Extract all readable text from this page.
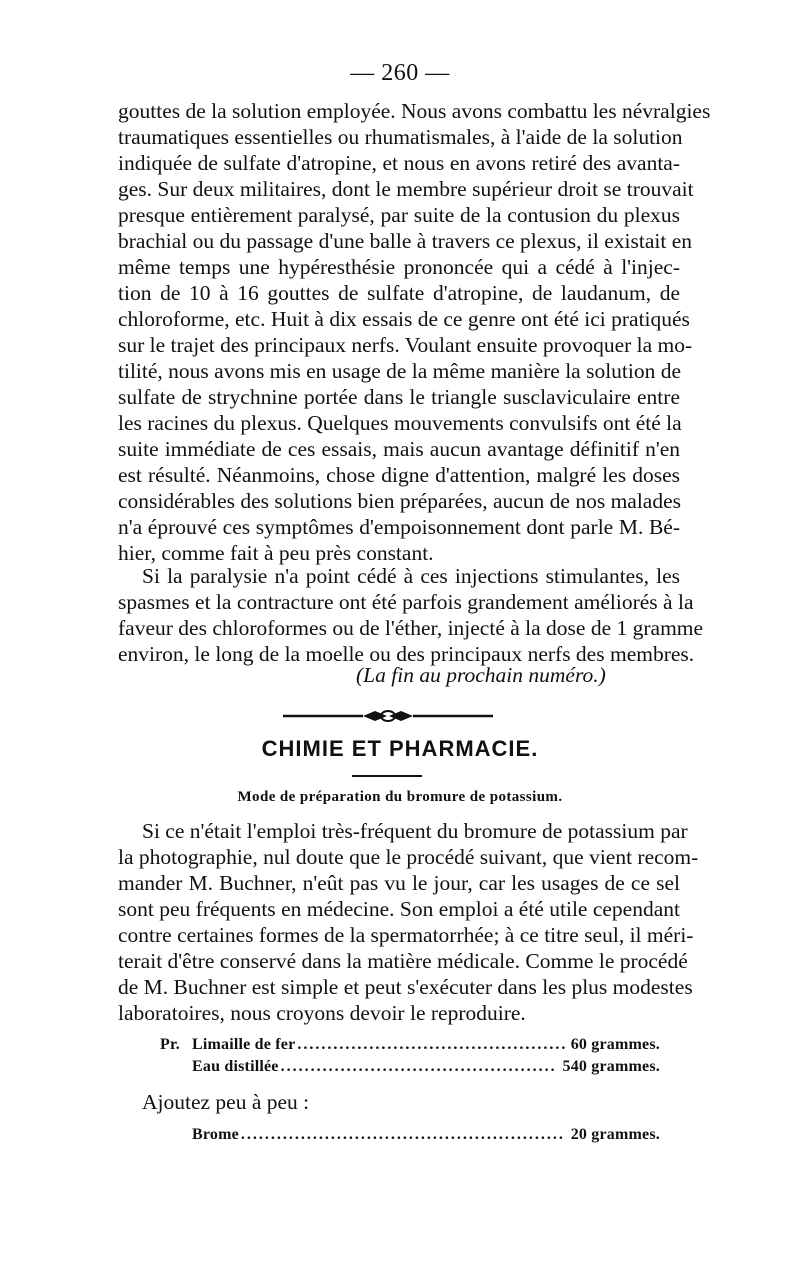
— 260 —
gouttes de la solution employée. Nous avons combattu les névralgies
traumatiques essentielles ou rhumatismales, à l'aide de la solution
indiquée de sulfate d'atropine, et nous en avons retiré des avanta-
ges. Sur deux militaires, dont le membre supérieur droit se trouvait
presque entièrement paralysé, par suite de la contusion du plexus
brachial ou du passage d'une balle à travers ce plexus, il existait en
même temps une hypéresthésie prononcée qui a cédé à l'injec-
tion de 10 à 16 gouttes de sulfate d'atropine, de laudanum, de
chloroforme, etc. Huit à dix essais de ce genre ont été ici pratiqués
sur le trajet des principaux nerfs. Voulant ensuite provoquer la mo-
tilité, nous avons mis en usage de la même manière la solution de
sulfate de strychnine portée dans le triangle susclaviculaire entre
les racines du plexus. Quelques mouvements convulsifs ont été la
suite immédiate de ces essais, mais aucun avantage définitif n'en
est résulté. Néanmoins, chose digne d'attention, malgré les doses
considérables des solutions bien préparées, aucun de nos malades
n'a éprouvé ces symptômes d'empoisonnement dont parle M. Bé-
hier, comme fait à peu près constant.
Si la paralysie n'a point cédé à ces injections stimulantes, les
spasmes et la contracture ont été parfois grandement améliorés à la
faveur des chloroformes ou de l'éther, injecté à la dose de 1 gramme
environ, le long de la moelle ou des principaux nerfs des membres.
(La fin au prochain numéro.)
CHIMIE ET PHARMACIE.
Mode de préparation du bromure de potassium.
Si ce n'était l'emploi très-fréquent du bromure de potassium par
la photographie, nul doute que le procédé suivant, que vient recom-
mander M. Buchner, n'eût pas vu le jour, car les usages de ce sel
sont peu fréquents en médecine. Son emploi a été utile cependant
contre certaines formes de la spermatorrhée; à ce titre seul, il méri-
terait d'être conservé dans la matière médicale. Comme le procédé
de M. Buchner est simple et peut s'exécuter dans les plus modestes
laboratoires, nous croyons devoir le reproduire.
Pr. Limaille de fer . . .	60 grammes.
Eau distillée . . .	540 grammes.
Ajoutez peu à peu :
Brome . . .	20 grammes.
